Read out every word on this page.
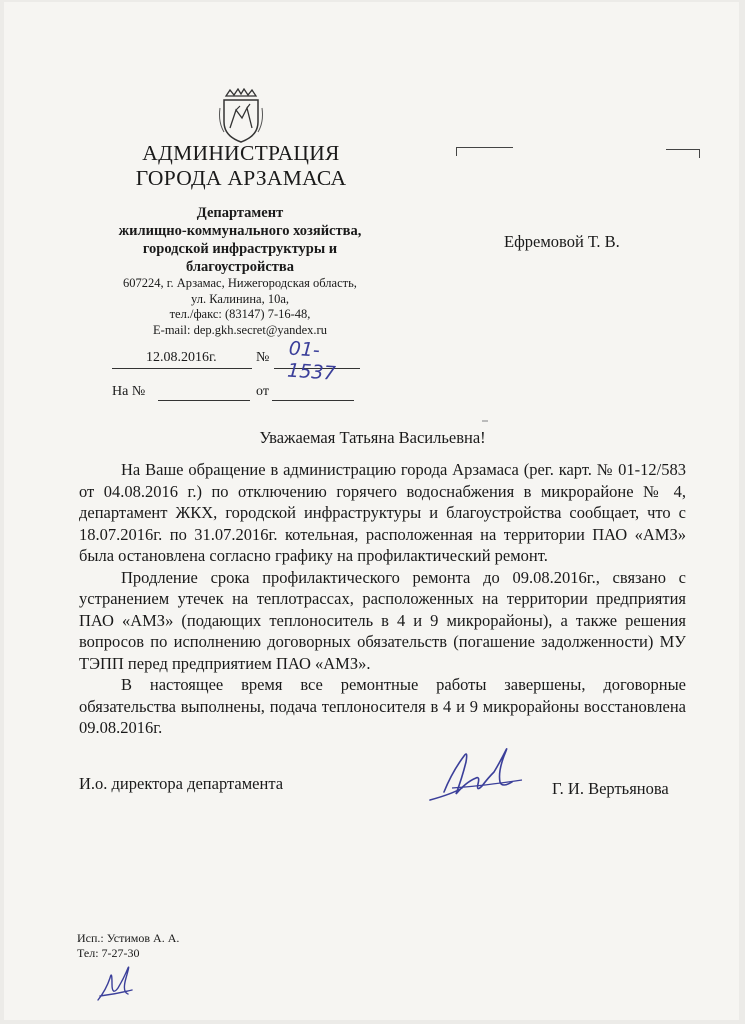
АДМИНИСТРАЦИЯ
ГОРОДА АРЗАМАСА
Департамент
жилищно-коммунального хозяйства,
городской инфраструктуры и
благоустройства
607224, г. Арзамас, Нижегородская область,
ул. Калинина, 10а,
тел./факс: (83147) 7-16-48,
E-mail: dep.gkh.secret@yandex.ru
12.08.2016г.	№ 01-1537
На №	от
Ефремовой Т. В.
Уважаемая Татьяна Васильевна!

На Ваше обращение в администрацию города Арзамаса (рег. карт. № 01-12/583 от 04.08.2016 г.) по отключению горячего водоснабжения в микрорайоне № 4, департамент ЖКХ, городской инфраструктуры и благоустройства сообщает, что с 18.07.2016г. по 31.07.2016г. котельная, расположенная на территории ПАО «АМЗ» была остановлена согласно графику на профилактический ремонт.

Продление срока профилактического ремонта до 09.08.2016г., связано с устранением утечек на теплотрассах, расположенных на территории предприятия ПАО «АМЗ» (подающих теплоноситель в 4 и 9 микрорайоны), а также решения вопросов по исполнению договорных обязательств (погашение задолженности) МУ ТЭПП перед предприятием ПАО «АМЗ».

В настоящее время все ремонтные работы завершены, договорные обязательства выполнены, подача теплоносителя в 4 и 9 микрорайоны восстановлена 09.08.2016г.

И.о. директора департамента	Г. И. Вертьянова
Исп.: Устимов А. А.
Тел: 7-27-30
